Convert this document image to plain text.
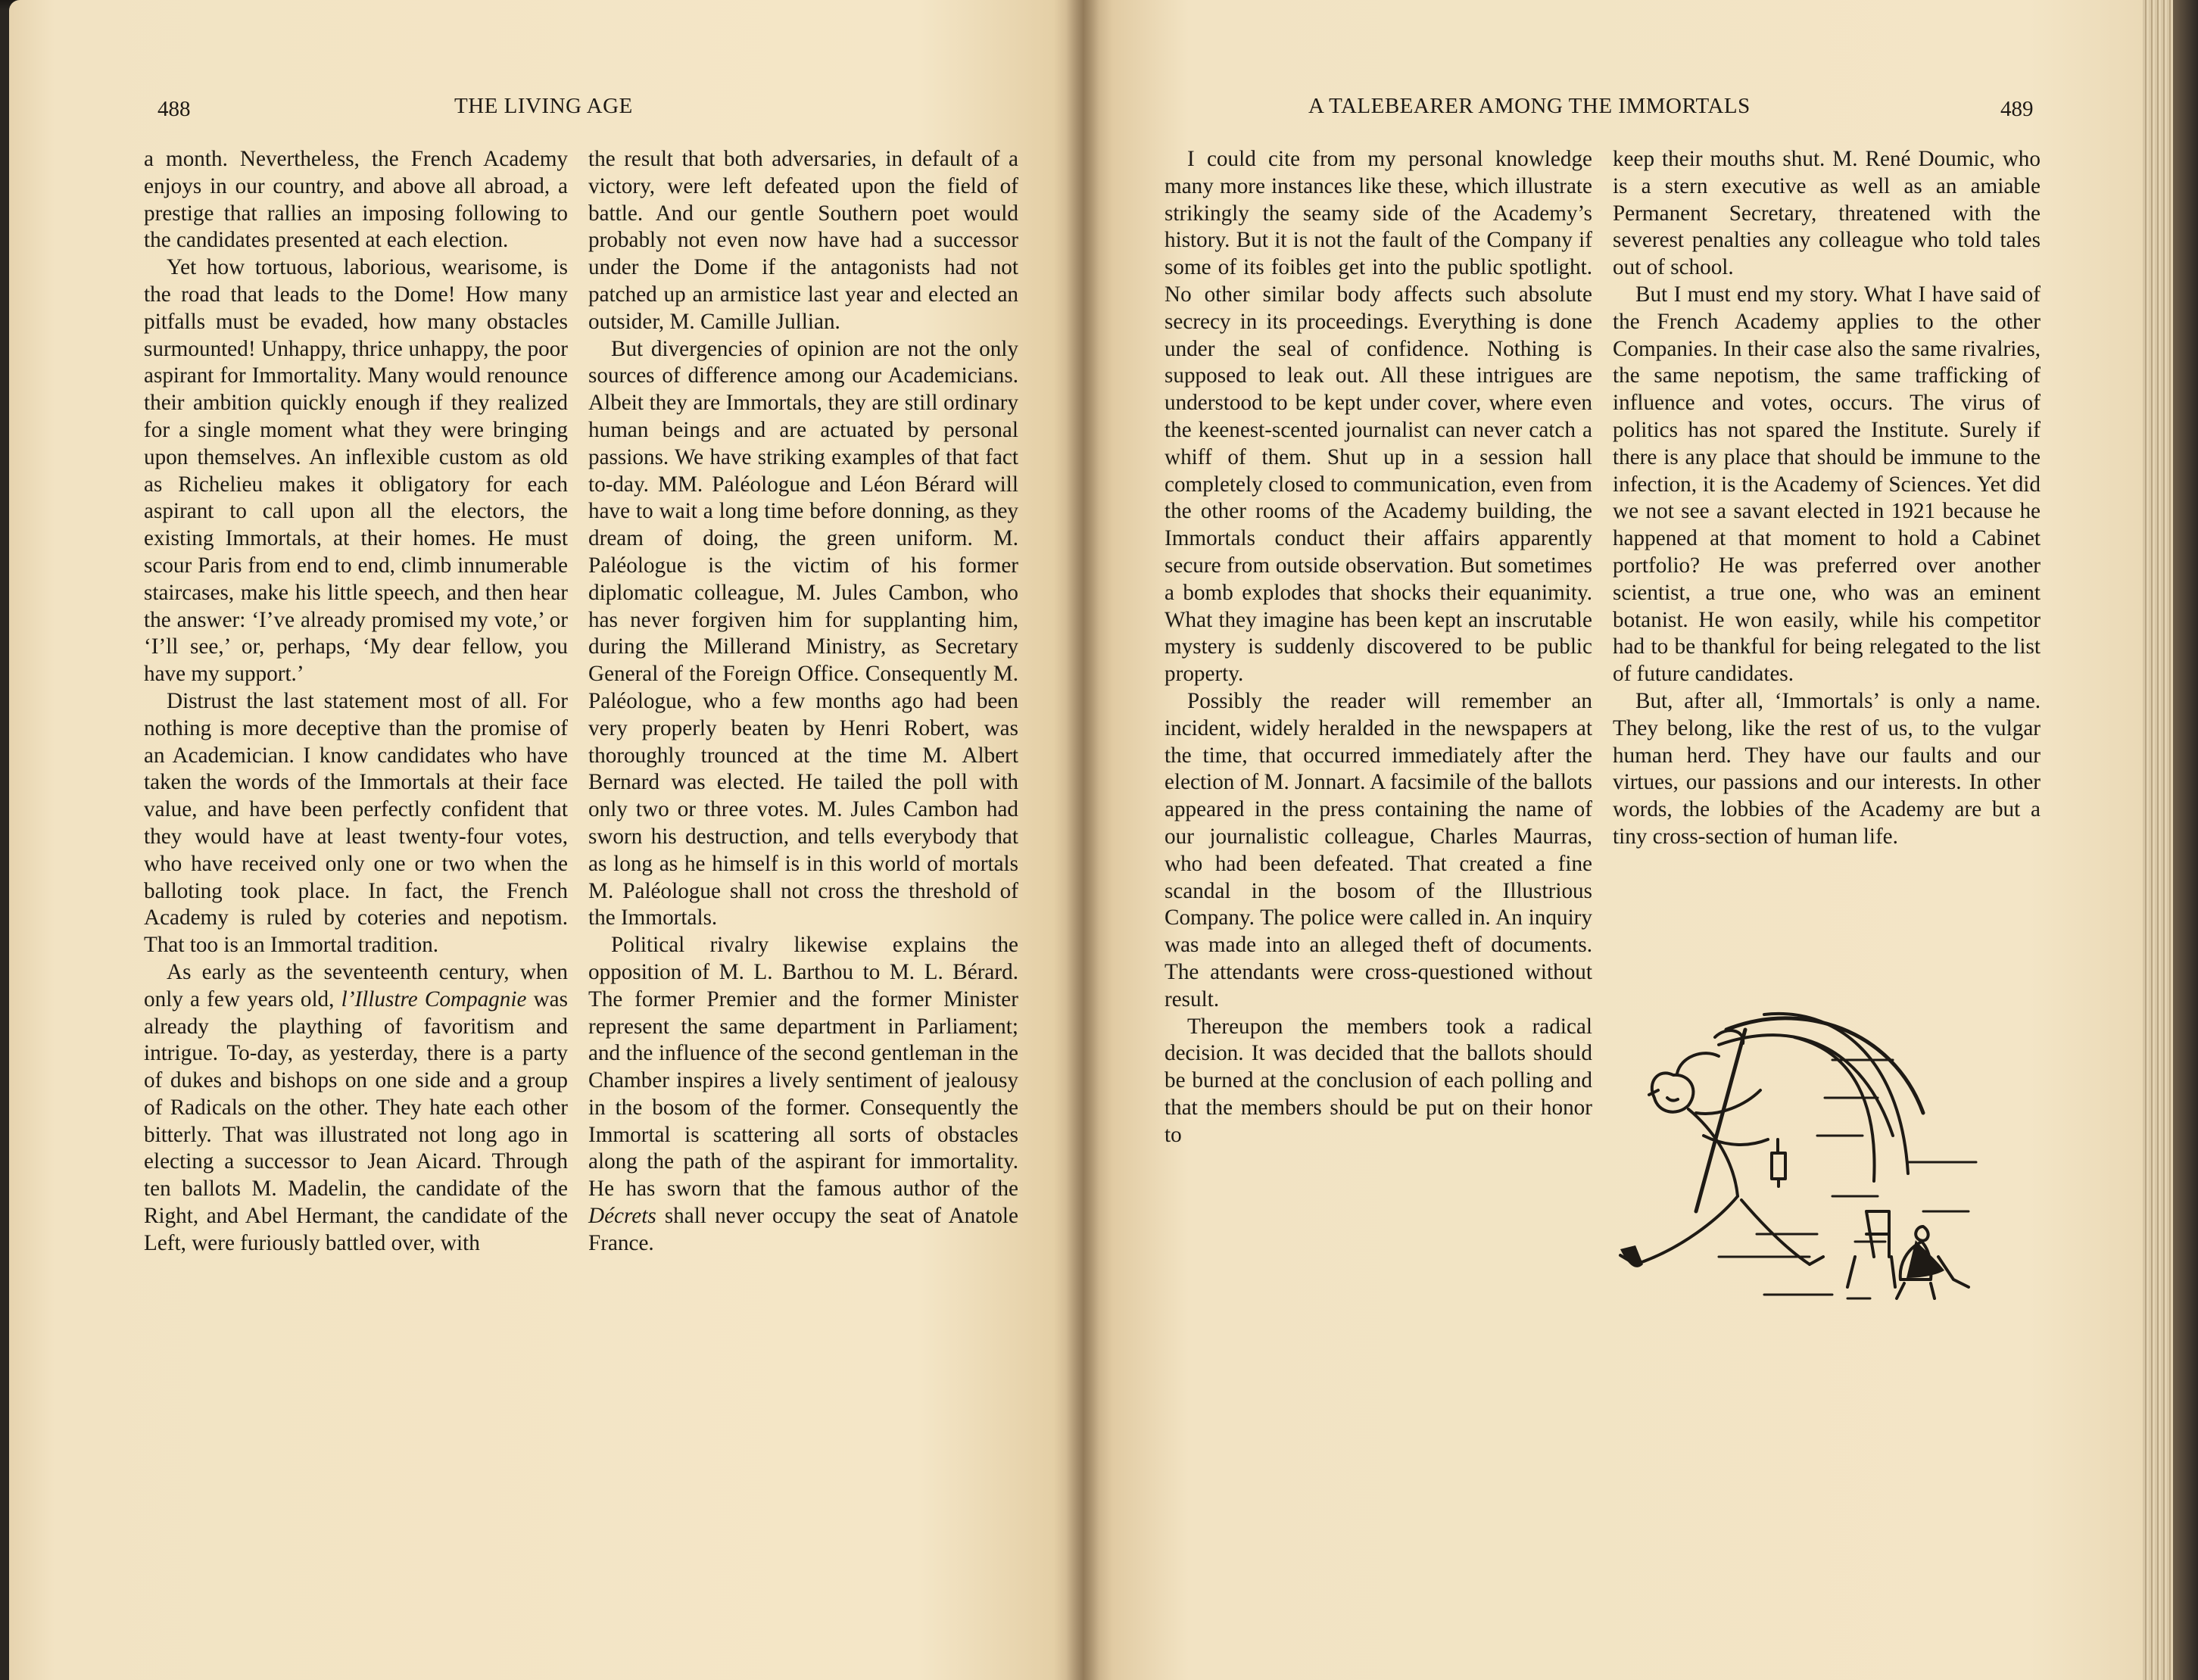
488	THE LIVING AGE

a month. Nevertheless, the French Academy enjoys in our country, and above all abroad, a prestige that rallies an imposing following to the candidates presented at each election.

Yet how tortuous, laborious, wearisome, is the road that leads to the Dome! How many pitfalls must be evaded, how many obstacles surmounted! Unhappy, thrice unhappy, the poor aspirant for Immortality. Many would renounce their ambition quickly enough if they realized for a single moment what they were bringing upon themselves. An inflexible custom as old as Richelieu makes it obligatory for each aspirant to call upon all the electors, the existing Immortals, at their homes. He must scour Paris from end to end, climb innumerable staircases, make his little speech, and then hear the answer: ‘I’ve already promised my vote,’ or ‘I’ll see,’ or, perhaps, ‘My dear fellow, you have my support.’

Distrust the last statement most of all. For nothing is more deceptive than the promise of an Academician. I know candidates who have taken the words of the Immortals at their face value, and have been perfectly confident that they would have at least twenty-four votes, who have received only one or two when the balloting took place. In fact, the French Academy is ruled by coteries and nepotism. That too is an Immortal tradition.

As early as the seventeenth century, when only a few years old, l’Illustre Compagnie was already the plaything of favoritism and intrigue. To-day, as yesterday, there is a party of dukes and bishops on one side and a group of Radicals on the other. They hate each other bitterly. That was illustrated not long ago in electing a successor to Jean Aicard. Through ten ballots M. Madelin, the candidate of the Right, and Abel Hermant, the candidate of the Left, were furiously battled over, with

the result that both adversaries, in default of a victory, were left defeated upon the field of battle. And our gentle Southern poet would probably not even now have had a successor under the Dome if the antagonists had not patched up an armistice last year and elected an outsider, M. Camille Jullian.

But divergencies of opinion are not the only sources of difference among our Academicians. Albeit they are Immortals, they are still ordinary human beings and are actuated by personal passions. We have striking examples of that fact to-day. MM. Paléologue and Léon Bérard will have to wait a long time before donning, as they dream of doing, the green uniform. M. Paléologue is the victim of his former diplomatic colleague, M. Jules Cambon, who has never forgiven him for supplanting him, during the Millerand Ministry, as Secretary General of the Foreign Office. Consequently M. Paléologue, who a few months ago had been very properly beaten by Henri Robert, was thoroughly trounced at the time M. Albert Bernard was elected. He tailed the poll with only two or three votes. M. Jules Cambon had sworn his destruction, and tells everybody that as long as he himself is in this world of mortals M. Paléologue shall not cross the threshold of the Immortals.

Political rivalry likewise explains the opposition of M. L. Barthou to M. L. Bérard. The former Premier and the former Minister represent the same department in Parliament; and the influence of the second gentleman in the Chamber inspires a lively sentiment of jealousy in the bosom of the former. Consequently the Immortal is scattering all sorts of obstacles along the path of the aspirant for immortality. He has sworn that the famous author of the Décrets shall never occupy the seat of Anatole France.

A TALEBEARER AMONG THE IMMORTALS	489

I could cite from my personal knowledge many more instances like these, which illustrate strikingly the seamy side of the Academy’s history. But it is not the fault of the Company if some of its foibles get into the public spotlight. No other similar body affects such absolute secrecy in its proceedings. Everything is done under the seal of confidence. Nothing is supposed to leak out. All these intrigues are understood to be kept under cover, where even the keenest-scented journalist can never catch a whiff of them. Shut up in a session hall completely closed to communication, even from the other rooms of the Academy building, the Immortals conduct their affairs apparently secure from outside observation. But sometimes a bomb explodes that shocks their equanimity. What they imagine has been kept an inscrutable mystery is suddenly discovered to be public property.

Possibly the reader will remember an incident, widely heralded in the newspapers at the time, that occurred immediately after the election of M. Jonnart. A facsimile of the ballots appeared in the press containing the name of our journalistic colleague, Charles Maurras, who had been defeated. That created a fine scandal in the bosom of the Illustrious Company. The police were called in. An inquiry was made into an alleged theft of documents. The attendants were cross-questioned without result.

Thereupon the members took a radical decision. It was decided that the ballots should be burned at the conclusion of each polling and that the members should be put on their honor to

keep their mouths shut. M. René Doumic, who is a stern executive as well as an amiable Permanent Secretary, threatened with the severest penalties any colleague who told tales out of school.

But I must end my story. What I have said of the French Academy applies to the other Companies. In their case also the same rivalries, the same nepotism, the same trafficking of influence and votes, occurs. The virus of politics has not spared the Institute. Surely if there is any place that should be immune to the infection, it is the Academy of Sciences. Yet did we not see a savant elected in 1921 because he happened at that moment to hold a Cabinet portfolio? He was preferred over another scientist, a true one, who was an eminent botanist. He won easily, while his competitor had to be thankful for being relegated to the list of future candidates.

But, after all, ‘Immortals’ is only a name. They belong, like the rest of us, to the vulgar human herd. They have our faults and our virtues, our passions and our interests. In other words, the lobbies of the Academy are but a tiny cross-section of human life.
